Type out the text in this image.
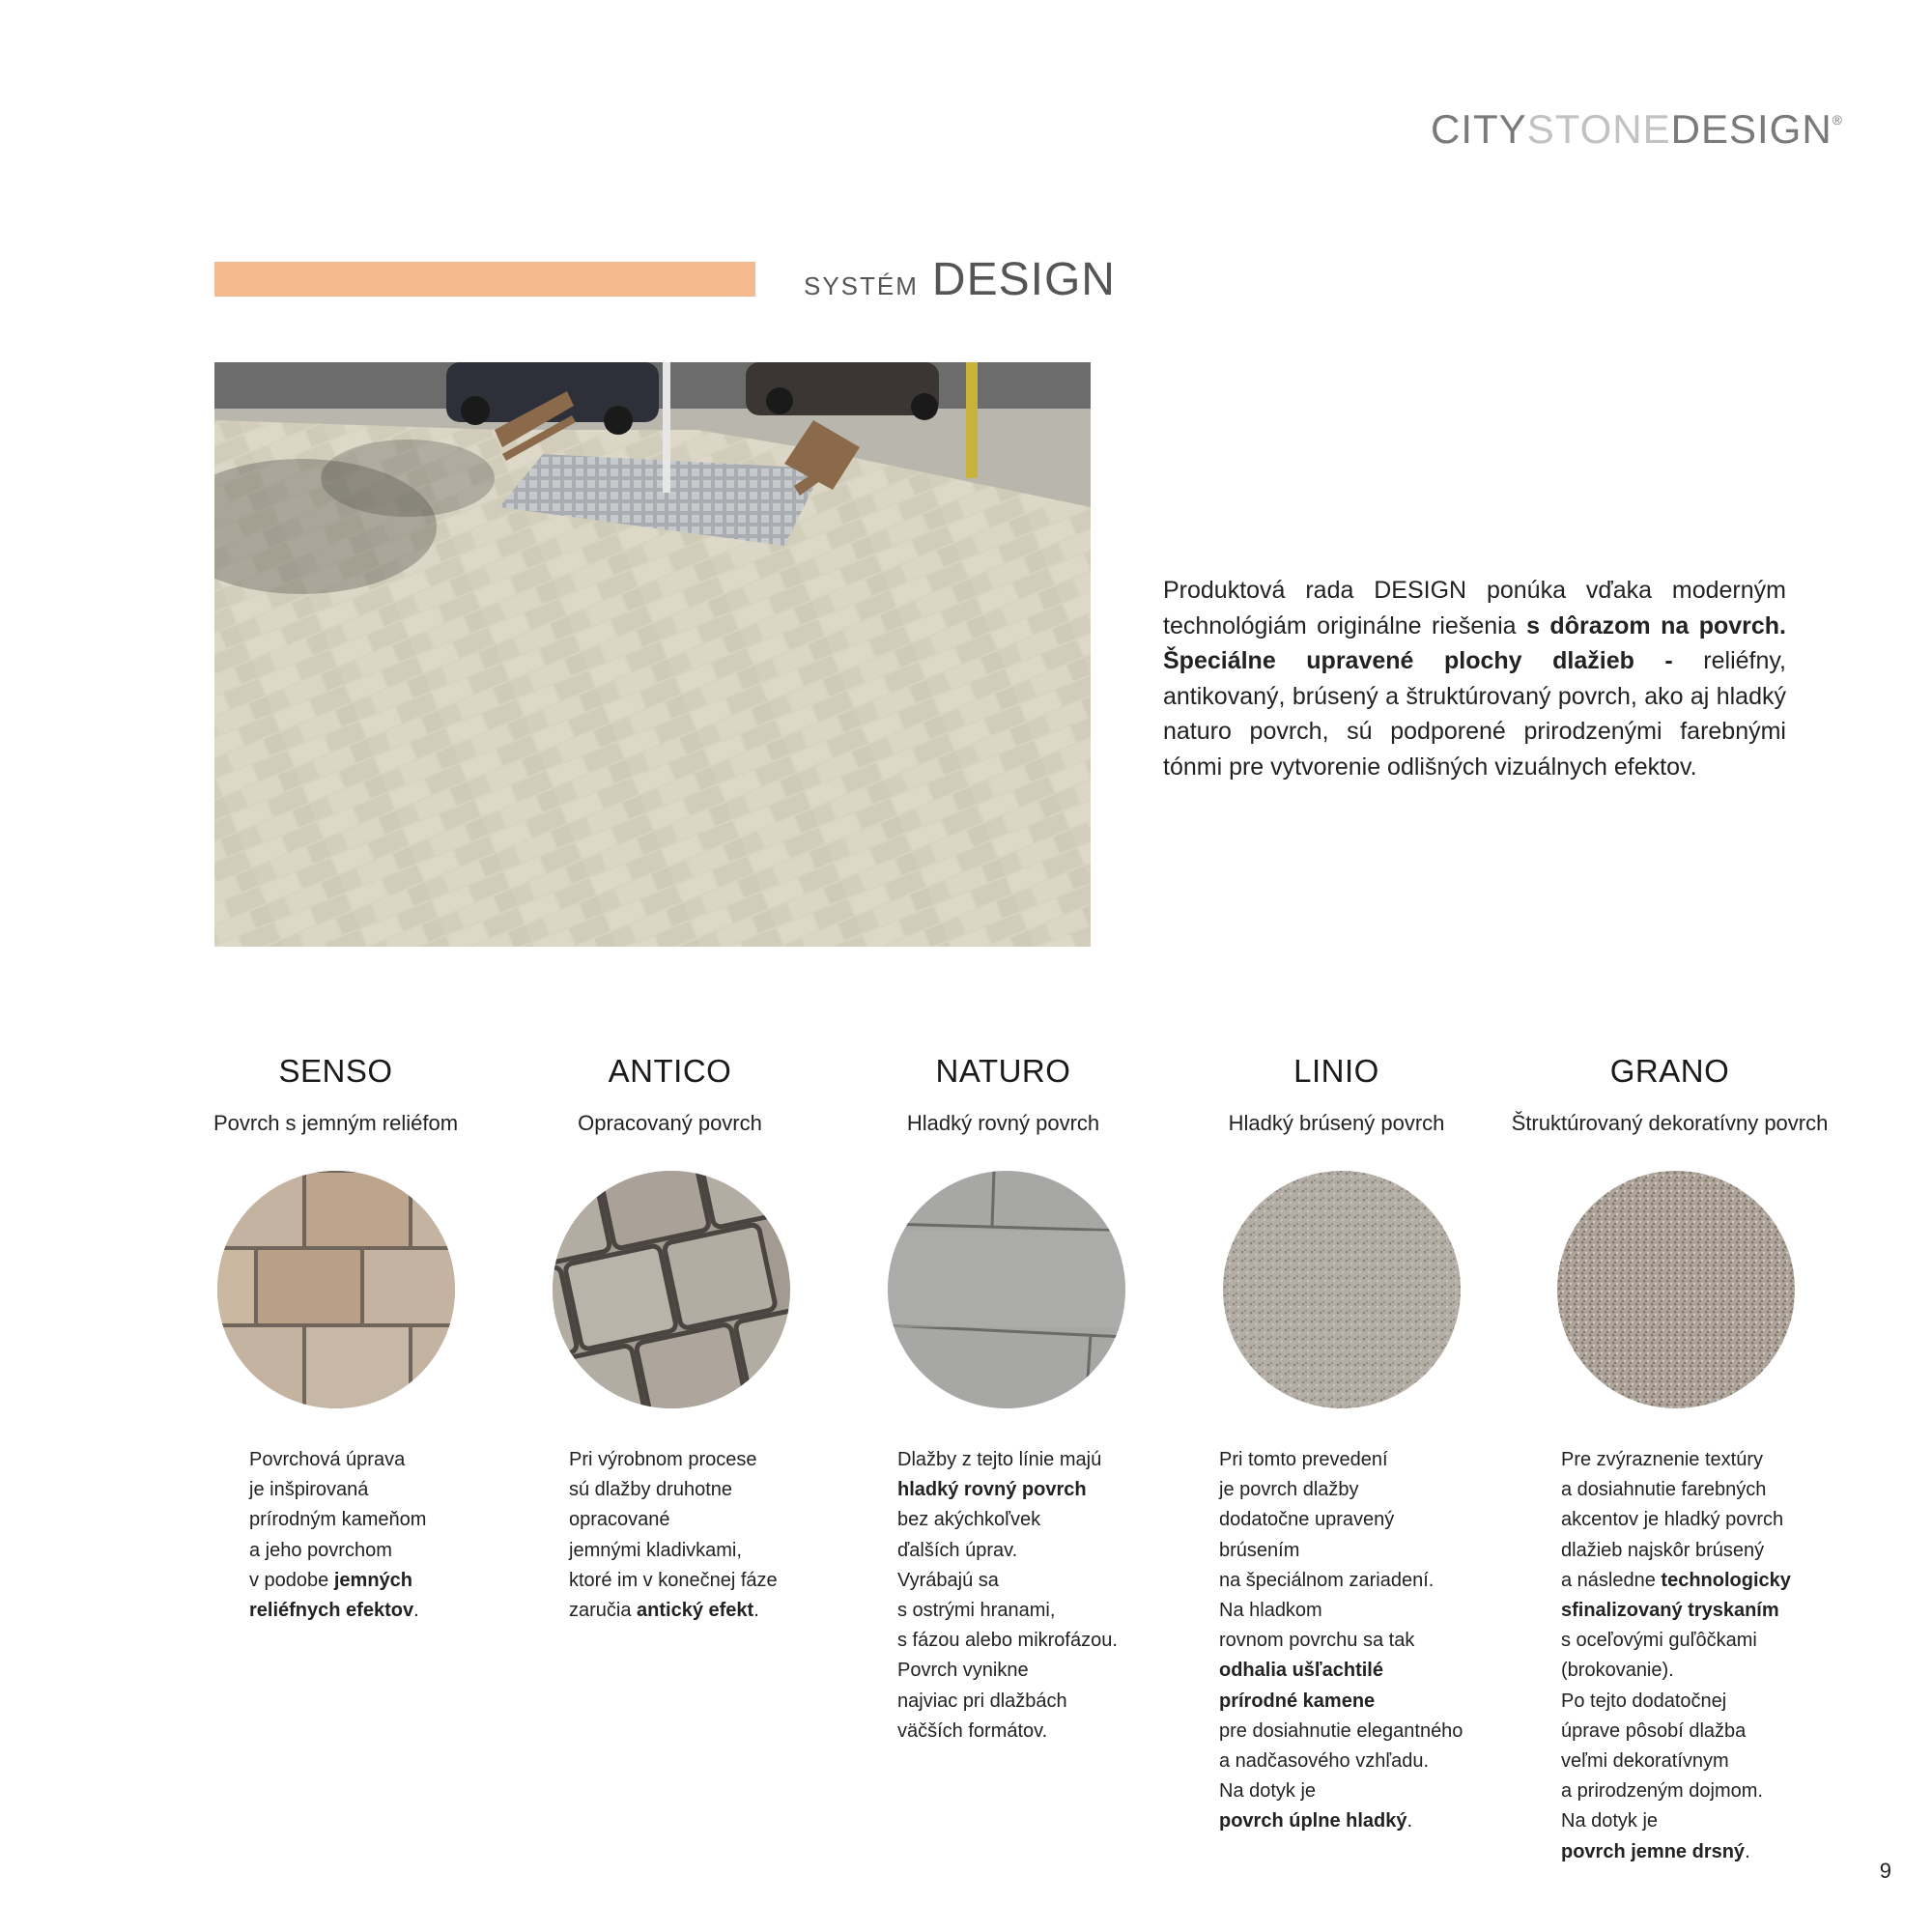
CITYSTONEDESIGN®
SYSTÉM DESIGN
Produktová rada DESIGN ponúka vďaka moderným technológiám originálne riešenia s dôrazom na povrch. Špeciálne upravené plochy dlažieb - reliéfny, antikovaný, brúsený a štruktúrovaný povrch, ako aj hladký naturo povrch, sú podporené prirodzenými farebnými tónmi pre vytvorenie odlišných vizuálnych efektov.
SENSO
Povrch s jemným reliéfom
ANTICO
Opracovaný povrch
NATURO
Hladký rovný povrch
LINIO
Hladký brúsený povrch
GRANO
Štruktúrovaný dekoratívny povrch
Povrchová úprava
je inšpirovaná
prírodným kameňom
a jeho povrchom
v podobe jemných
reliéfnych efektov.
Pri výrobnom procese
sú dlažby druhotne
opracované
jemnými kladivkami,
ktoré im v konečnej fáze
zaručia antický efekt.
Dlažby z tejto línie majú
hladký rovný povrch
bez akýchkoľvek
ďalších úprav.
Vyrábajú sa
s ostrými hranami,
s fázou alebo mikrofázou.
Povrch vynikne
najviac pri dlažbách
väčších formátov.
Pri tomto prevedení
je povrch dlažby
dodatočne upravený
brúsením
na špeciálnom zariadení.
Na hladkom
rovnom povrchu sa tak
odhalia ušľachtilé
prírodné kamene
pre dosiahnutie elegantného
a nadčasového vzhľadu.
Na dotyk je
povrch úplne hladký.
Pre zvýraznenie textúry
a dosiahnutie farebných
akcentov je hladký povrch
dlažieb najskôr brúsený
a následne technologicky
sfinalizovaný tryskaním
s oceľovými guľôčkami
(brokovanie).
Po tejto dodatočnej
úprave pôsobí dlažba
veľmi dekoratívnym
a prirodzeným dojmom.
Na dotyk je
povrch jemne drsný.
9
